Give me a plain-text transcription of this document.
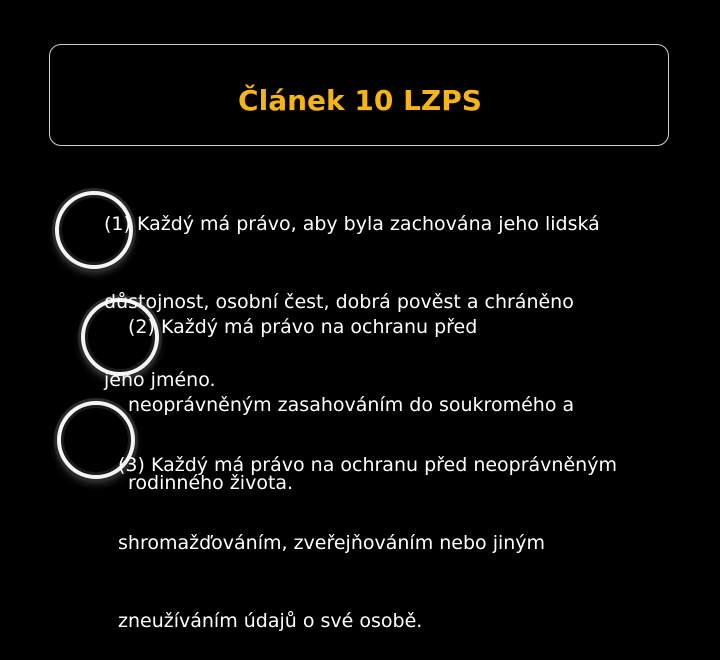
Článek 10 LZPS

(1) Každý má právo, aby byla zachována jeho lidská

důstojnost, osobní čest, dobrá pověst a chráněno

jeho jméno.

(2) Každý má právo na ochranu před

neoprávněným zasahováním do soukromého a

rodinného života.

(3) Každý má právo na ochranu před neoprávněným

shromažďováním, zveřejňováním nebo jiným

zneužíváním údajů o své osobě.
